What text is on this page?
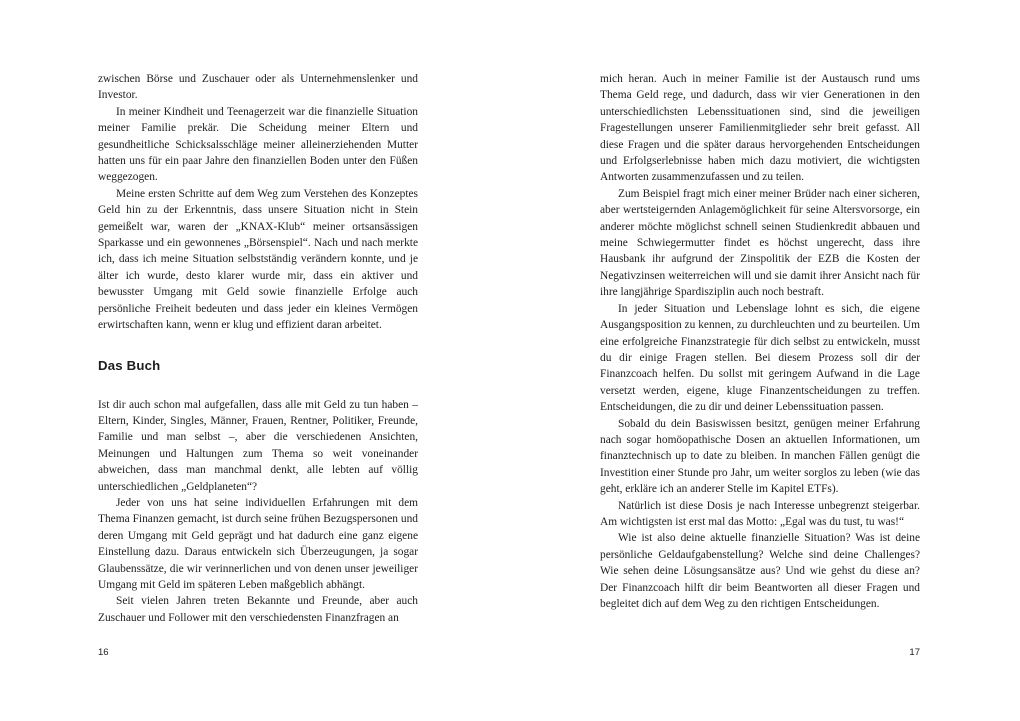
zwischen Börse und Zuschauer oder als Unternehmenslenker und Investor.

In meiner Kindheit und Teenagerzeit war die finanzielle Situation meiner Familie prekär. Die Scheidung meiner Eltern und gesundheitliche Schicksalsschläge meiner alleinerziehenden Mutter hatten uns für ein paar Jahre den finanziellen Boden unter den Füßen weggezogen.

Meine ersten Schritte auf dem Weg zum Verstehen des Konzeptes Geld hin zu der Erkenntnis, dass unsere Situation nicht in Stein gemeißelt war, waren der „KNAX-Klub“ meiner ortsansässigen Sparkasse und ein gewonnenes „Börsenspiel“. Nach und nach merkte ich, dass ich meine Situation selbstständig verändern konnte, und je älter ich wurde, desto klarer wurde mir, dass ein aktiver und bewusster Umgang mit Geld sowie finanzielle Erfolge auch persönliche Freiheit bedeuten und dass jeder ein kleines Vermögen erwirtschaften kann, wenn er klug und effizient daran arbeitet.

Das Buch

Ist dir auch schon mal aufgefallen, dass alle mit Geld zu tun haben – Eltern, Kinder, Singles, Männer, Frauen, Rentner, Politiker, Freunde, Familie und man selbst –, aber die verschiedenen Ansichten, Meinungen und Haltungen zum Thema so weit voneinander abweichen, dass man manchmal denkt, alle lebten auf völlig unterschiedlichen „Geldplaneten“?

Jeder von uns hat seine individuellen Erfahrungen mit dem Thema Finanzen gemacht, ist durch seine frühen Bezugspersonen und deren Umgang mit Geld geprägt und hat dadurch eine ganz eigene Einstellung dazu. Daraus entwickeln sich Überzeugungen, ja sogar Glaubenssätze, die wir verinnerlichen und von denen unser jeweiliger Umgang mit Geld im späteren Leben maßgeblich abhängt.

Seit vielen Jahren treten Bekannte und Freunde, aber auch Zuschauer und Follower mit den verschiedensten Finanzfragen an

16

mich heran. Auch in meiner Familie ist der Austausch rund ums Thema Geld rege, und dadurch, dass wir vier Generationen in den unterschiedlichsten Lebenssituationen sind, sind die jeweiligen Fragestellungen unserer Familienmitglieder sehr breit gefasst. All diese Fragen und die später daraus hervorgehenden Entscheidungen und Erfolgserlebnisse haben mich dazu motiviert, die wichtigsten Antworten zusammenzufassen und zu teilen.

Zum Beispiel fragt mich einer meiner Brüder nach einer sicheren, aber wertsteigernden Anlagemöglichkeit für seine Altersvorsorge, ein anderer möchte möglichst schnell seinen Studienkredit abbauen und meine Schwiegermutter findet es höchst ungerecht, dass ihre Hausbank ihr aufgrund der Zinspolitik der EZB die Kosten der Negativzinsen weiterreichen will und sie damit ihrer Ansicht nach für ihre langjährige Spardisziplin auch noch bestraft.

In jeder Situation und Lebenslage lohnt es sich, die eigene Ausgangsposition zu kennen, zu durchleuchten und zu beurteilen. Um eine erfolgreiche Finanzstrategie für dich selbst zu entwickeln, musst du dir einige Fragen stellen. Bei diesem Prozess soll dir der Finanzcoach helfen. Du sollst mit geringem Aufwand in die Lage versetzt werden, eigene, kluge Finanzentscheidungen zu treffen. Entscheidungen, die zu dir und deiner Lebenssituation passen.

Sobald du dein Basiswissen besitzt, genügen meiner Erfahrung nach sogar homöopathische Dosen an aktuellen Informationen, um finanztechnisch up to date zu bleiben. In manchen Fällen genügt die Investition einer Stunde pro Jahr, um weiter sorglos zu leben (wie das geht, erkläre ich an anderer Stelle im Kapitel ETFs).

Natürlich ist diese Dosis je nach Interesse unbegrenzt steigerbar. Am wichtigsten ist erst mal das Motto: „Egal was du tust, tu was!“

Wie ist also deine aktuelle finanzielle Situation? Was ist deine persönliche Geldaufgabenstellung? Welche sind deine Challenges? Wie sehen deine Lösungsansätze aus? Und wie gehst du diese an? Der Finanzcoach hilft dir beim Beantworten all dieser Fragen und begleitet dich auf dem Weg zu den richtigen Entscheidungen.

17
